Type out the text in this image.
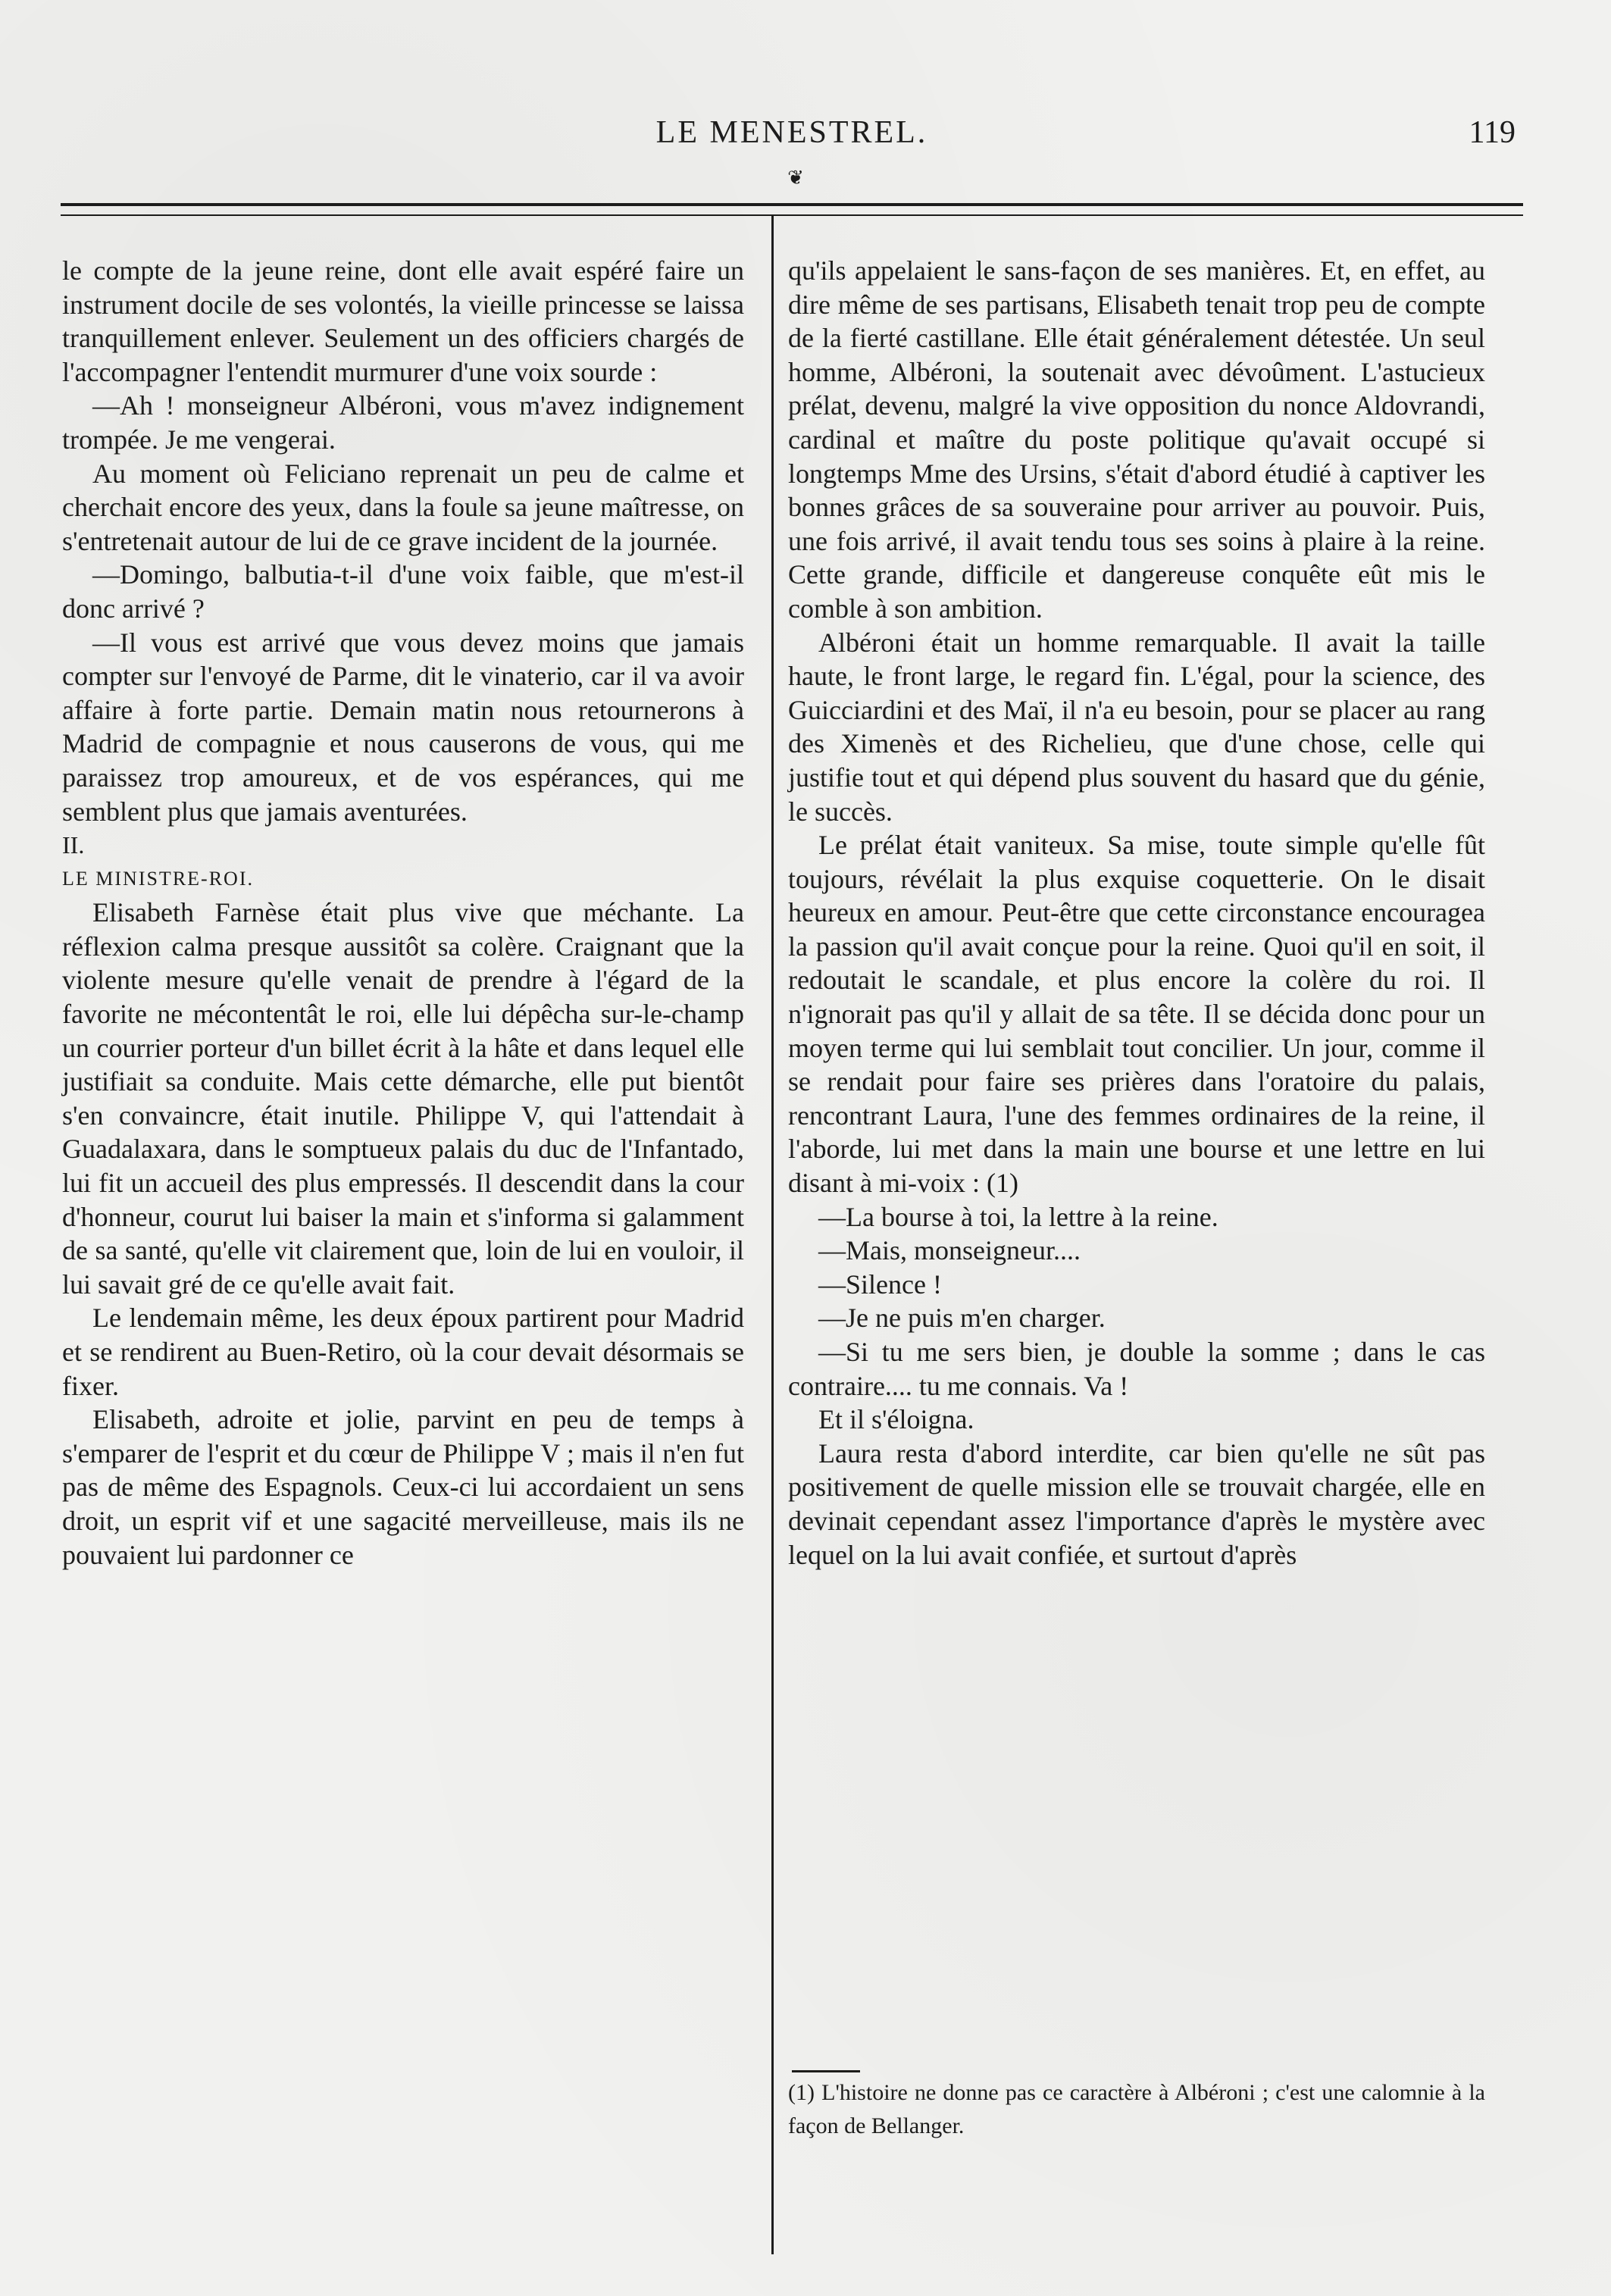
LE MENESTREL.	119
❦

le compte de la jeune reine, dont elle avait espéré faire un instrument docile de ses volontés, la vieille princesse se laissa tranquillement enlever. Seulement un des officiers chargés de l'accompagner l'entendit murmurer d'une voix sourde :

—Ah ! monseigneur Albéroni, vous m'avez indignement trompée. Je me vengerai.

Au moment où Feliciano reprenait un peu de calme et cherchait encore des yeux, dans la foule sa jeune maîtresse, on s'entretenait autour de lui de ce grave incident de la journée.

—Domingo, balbutia-t-il d'une voix faible, que m'est-il donc arrivé ?

—Il vous est arrivé que vous devez moins que jamais compter sur l'envoyé de Parme, dit le vinaterio, car il va avoir affaire à forte partie. Demain matin nous retournerons à Madrid de compagnie et nous causerons de vous, qui me paraissez trop amoureux, et de vos espérances, qui me semblent plus que jamais aventurées.

II.

LE MINISTRE-ROI.

Elisabeth Farnèse était plus vive que méchante. La réflexion calma presque aussitôt sa colère. Craignant que la violente mesure qu'elle venait de prendre à l'égard de la favorite ne mécontentât le roi, elle lui dépêcha sur-le-champ un courrier porteur d'un billet écrit à la hâte et dans lequel elle justifiait sa conduite. Mais cette démarche, elle put bientôt s'en convaincre, était inutile. Philippe V, qui l'attendait à Guadalaxara, dans le somptueux palais du duc de l'Infantado, lui fit un accueil des plus empressés. Il descendit dans la cour d'honneur, courut lui baiser la main et s'informa si galamment de sa santé, qu'elle vit clairement que, loin de lui en vouloir, il lui savait gré de ce qu'elle avait fait.

Le lendemain même, les deux époux partirent pour Madrid et se rendirent au Buen-Retiro, où la cour devait désormais se fixer.

Elisabeth, adroite et jolie, parvint en peu de temps à s'emparer de l'esprit et du cœur de Philippe V ; mais il n'en fut pas de même des Espagnols. Ceux-ci lui accordaient un sens droit, un esprit vif et une sagacité merveilleuse, mais ils ne pouvaient lui pardonner ce

qu'ils appelaient le sans-façon de ses manières. Et, en effet, au dire même de ses partisans, Elisabeth tenait trop peu de compte de la fierté castillane. Elle était généralement détestée. Un seul homme, Albéroni, la soutenait avec dévoûment. L'astucieux prélat, devenu, malgré la vive opposition du nonce Aldovrandi, cardinal et maître du poste politique qu'avait occupé si longtemps Mme des Ursins, s'était d'abord étudié à captiver les bonnes grâces de sa souveraine pour arriver au pouvoir. Puis, une fois arrivé, il avait tendu tous ses soins à plaire à la reine. Cette grande, difficile et dangereuse conquête eût mis le comble à son ambition.

Albéroni était un homme remarquable. Il avait la taille haute, le front large, le regard fin. L'égal, pour la science, des Guicciardini et des Maï, il n'a eu besoin, pour se placer au rang des Ximenès et des Richelieu, que d'une chose, celle qui justifie tout et qui dépend plus souvent du hasard que du génie, le succès.

Le prélat était vaniteux. Sa mise, toute simple qu'elle fût toujours, révélait la plus exquise coquetterie. On le disait heureux en amour. Peut-être que cette circonstance encouragea la passion qu'il avait conçue pour la reine. Quoi qu'il en soit, il redoutait le scandale, et plus encore la colère du roi. Il n'ignorait pas qu'il y allait de sa tête. Il se décida donc pour un moyen terme qui lui semblait tout concilier. Un jour, comme il se rendait pour faire ses prières dans l'oratoire du palais, rencontrant Laura, l'une des femmes ordinaires de la reine, il l'aborde, lui met dans la main une bourse et une lettre en lui disant à mi-voix : (1)

—La bourse à toi, la lettre à la reine.

—Mais, monseigneur....

—Silence !

—Je ne puis m'en charger.

—Si tu me sers bien, je double la somme ; dans le cas contraire.... tu me connais. Va !

Et il s'éloigna.

Laura resta d'abord interdite, car bien qu'elle ne sût pas positivement de quelle mission elle se trouvait chargée, elle en devinait cependant assez l'importance d'après le mystère avec lequel on la lui avait confiée, et surtout d'après

(1) L'histoire ne donne pas ce caractère à Albéroni ; c'est une calomnie à la façon de Bellanger.
